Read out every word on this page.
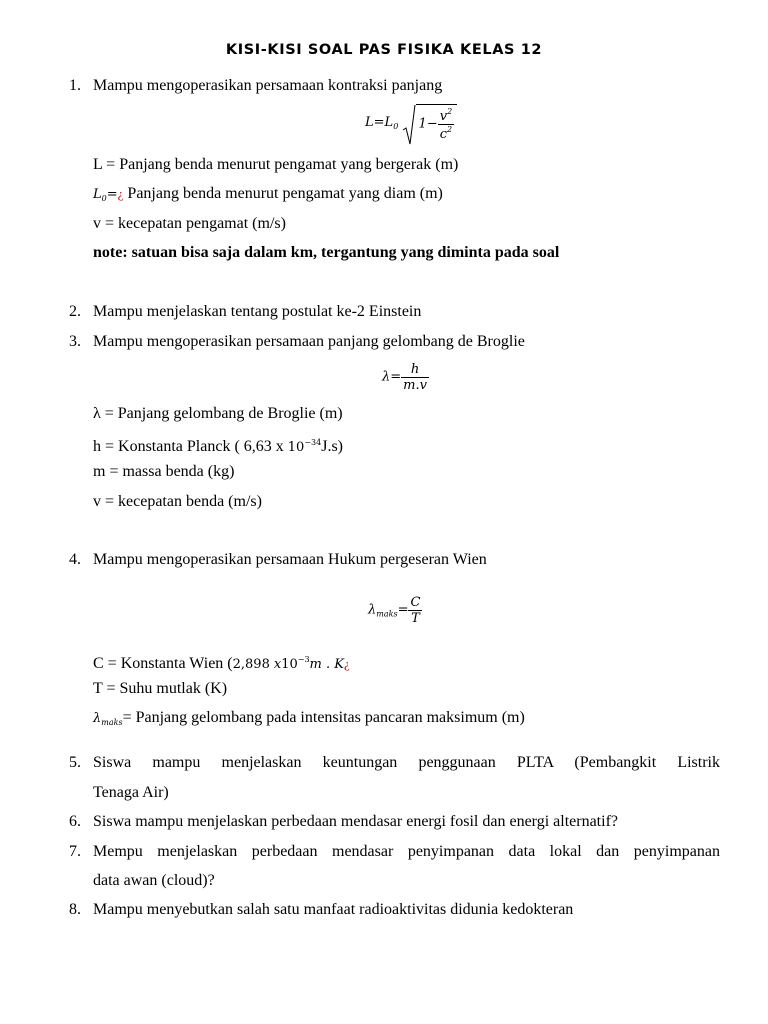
KISI-KISI SOAL PAS FISIKA KELAS 12
1. Mampu mengoperasikan persamaan kontraksi panjang
$L=L_0$ $1- \frac{v^2}{c^2}$
L = Panjang benda menurut pengamat yang bergerak (m)
$L_0=¿$ Panjang benda menurut pengamat yang diam (m)
v = kecepatan pengamat (m/s)
note: satuan bisa saja dalam km, tergantung yang diminta pada soal
2. Mampu menjelaskan tentang postulat ke-2 Einstein
3. Mampu mengoperasikan persamaan panjang gelombang de Broglie
$\lambda= \frac{h}{m.v}$
λ = Panjang gelombang de Broglie (m)
h = Konstanta Planck ( 6,63 x $10^{-34}J.s$)
m = massa benda (kg)
v = kecepatan benda (m/s)
4. Mampu mengoperasikan persamaan Hukum pergeseran Wien
$\lambda_{maks}= \frac{C}{T}$
C = Konstanta Wien (2,898 $x10^{-3}m$ . K¿
T = Suhu mutlak (K)
$\lambda_{maks}=$ Panjang gelombang pada intensitas pancaran maksimum (m)
5. Siswa mampu menjelaskan keuntungan penggunaan PLTA (Pembangkit Listrik
Tenaga Air)
6. Siswa mampu menjelaskan perbedaan mendasar energi fosil dan energi alternatif?
7. Mempu menjelaskan perbedaan mendasar penyimpanan data lokal dan penyimpanan
data awan (cloud)?
8. Mampu menyebutkan salah satu manfaat radioaktivitas didunia kedokteran
